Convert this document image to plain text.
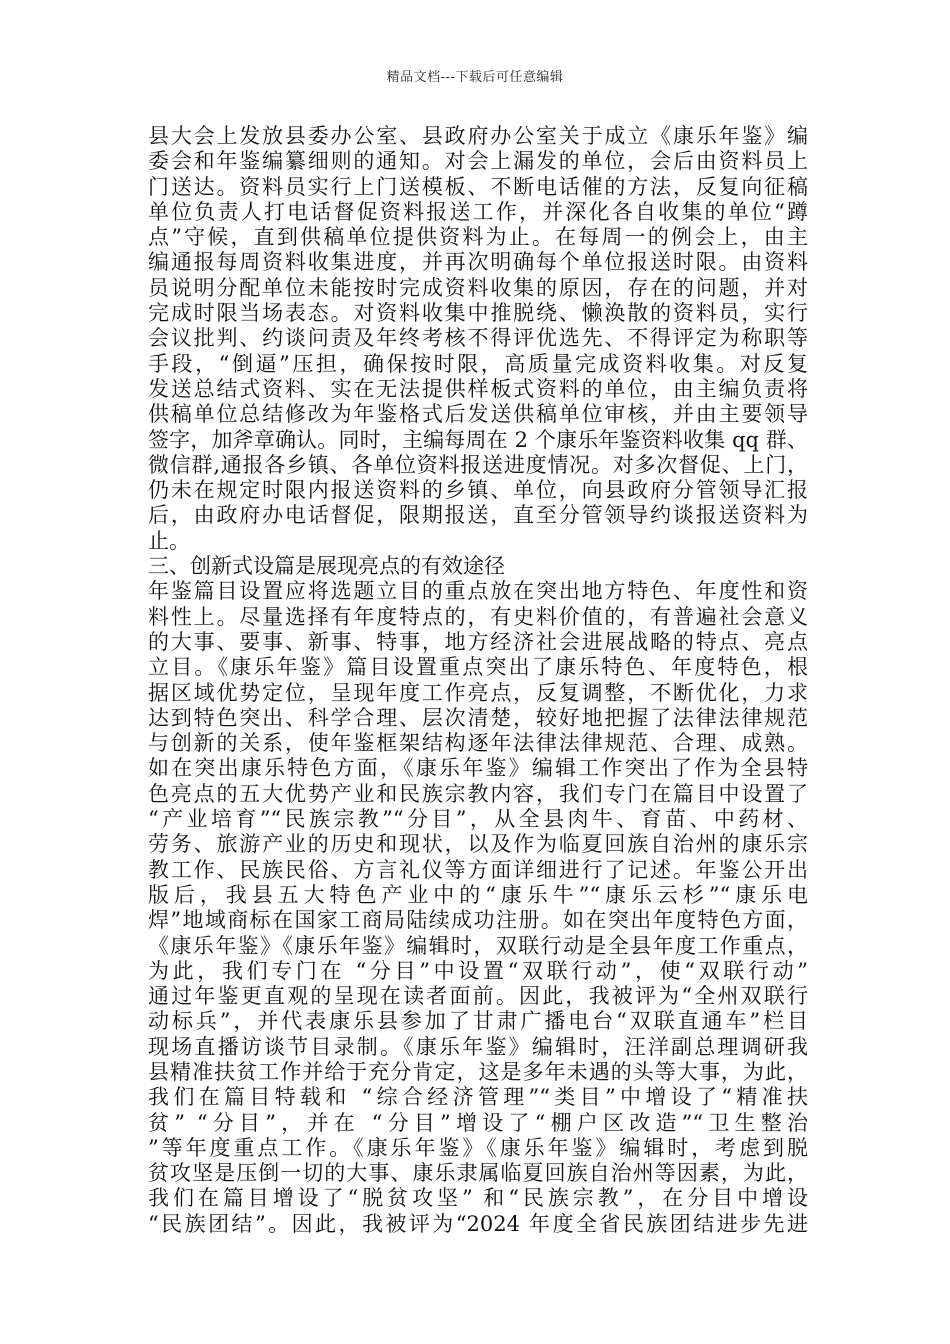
精品文档---下载后可任意编辑
县大会上发放县委办公室、县政府办公室关于成立《康乐年鉴》编
委会和年鉴编纂细则的通知。对会上漏发的单位，会后由资料员上
门送达。资料员实行上门送模板、不断电话催的方法，反复向征稿
单位负责人打电话督促资料报送工作，并深化各自收集的单位“蹲
点”守候，直到供稿单位提供资料为止。在每周一的例会上，由主
编通报每周资料收集进度，并再次明确每个单位报送时限。由资料
员说明分配单位未能按时完成资料收集的原因，存在的问题，并对
完成时限当场表态。对资料收集中推脱绕、懒涣散的资料员，实行
会议批判、约谈问责及年终考核不得评优选先、不得评定为称职等
手段，“倒逼”压担，确保按时限，高质量完成资料收集。对反复
发送总结式资料、实在无法提供样板式资料的单位，由主编负责将
供稿单位总结修改为年鉴格式后发送供稿单位审核，并由主要领导
签字，加斧章确认。同时，主编每周在 2 个康乐年鉴资料收集 qq 群、
微信群,通报各乡镇、各单位资料报送进度情况。对多次督促、上门，
仍未在规定时限内报送资料的乡镇、单位，向县政府分管领导汇报
后，由政府办电话督促，限期报送，直至分管领导约谈报送资料为
止。
三、创新式设篇是展现亮点的有效途径
年鉴篇目设置应将选题立目的重点放在突出地方特色、年度性和资
料性上。尽量选择有年度特点的，有史料价值的，有普遍社会意义
的大事、要事、新事、特事，地方经济社会进展战略的特点、亮点
立目。《康乐年鉴》篇目设置重点突出了康乐特色、年度特色，根
据区域优势定位，呈现年度工作亮点，反复调整，不断优化，力求
达到特色突出、科学合理、层次清楚，较好地把握了法律法律规范
与创新的关系，使年鉴框架结构逐年法律法律规范、合理、成熟。
如在突出康乐特色方面，《康乐年鉴》编辑工作突出了作为全县特
色亮点的五大优势产业和民族宗教内容，我们专门在篇目中设置了
“产业培育”“民族宗教”“分目”，从全县肉牛、育苗、中药材、
劳务、旅游产业的历史和现状，以及作为临夏回族自治州的康乐宗
教工作、民族民俗、方言礼仪等方面详细进行了记述。年鉴公开出
版后，我县五大特色产业中的“康乐牛”“康乐云杉”“康乐电
焊”地域商标在国家工商局陆续成功注册。如在突出年度特色方面，
《康乐年鉴》《康乐年鉴》编辑时，双联行动是全县年度工作重点，
为此，我们专门在 “分目”中设置“双联行动”，使“双联行动”
通过年鉴更直观的呈现在读者面前。因此，我被评为“全州双联行
动标兵”，并代表康乐县参加了甘肃广播电台“双联直通车”栏目
现场直播访谈节目录制。《康乐年鉴》编辑时，汪洋副总理调研我
县精准扶贫工作并给于充分肯定，这是多年未遇的头等大事，为此，
我们在篇目特载和 “综合经济管理”“类目”中增设了“精准扶
贫” “分目”，并在 “分目”增设了“棚户区改造”“卫生整治
”等年度重点工作。《康乐年鉴》《康乐年鉴》编辑时，考虑到脱
贫攻坚是压倒一切的大事、康乐隶属临夏回族自治州等因素，为此，
我们在篇目增设了“脱贫攻坚” 和“民族宗教”，在分目中增设
“民族团结”。因此，我被评为“2024 年度全省民族团结进步先进
